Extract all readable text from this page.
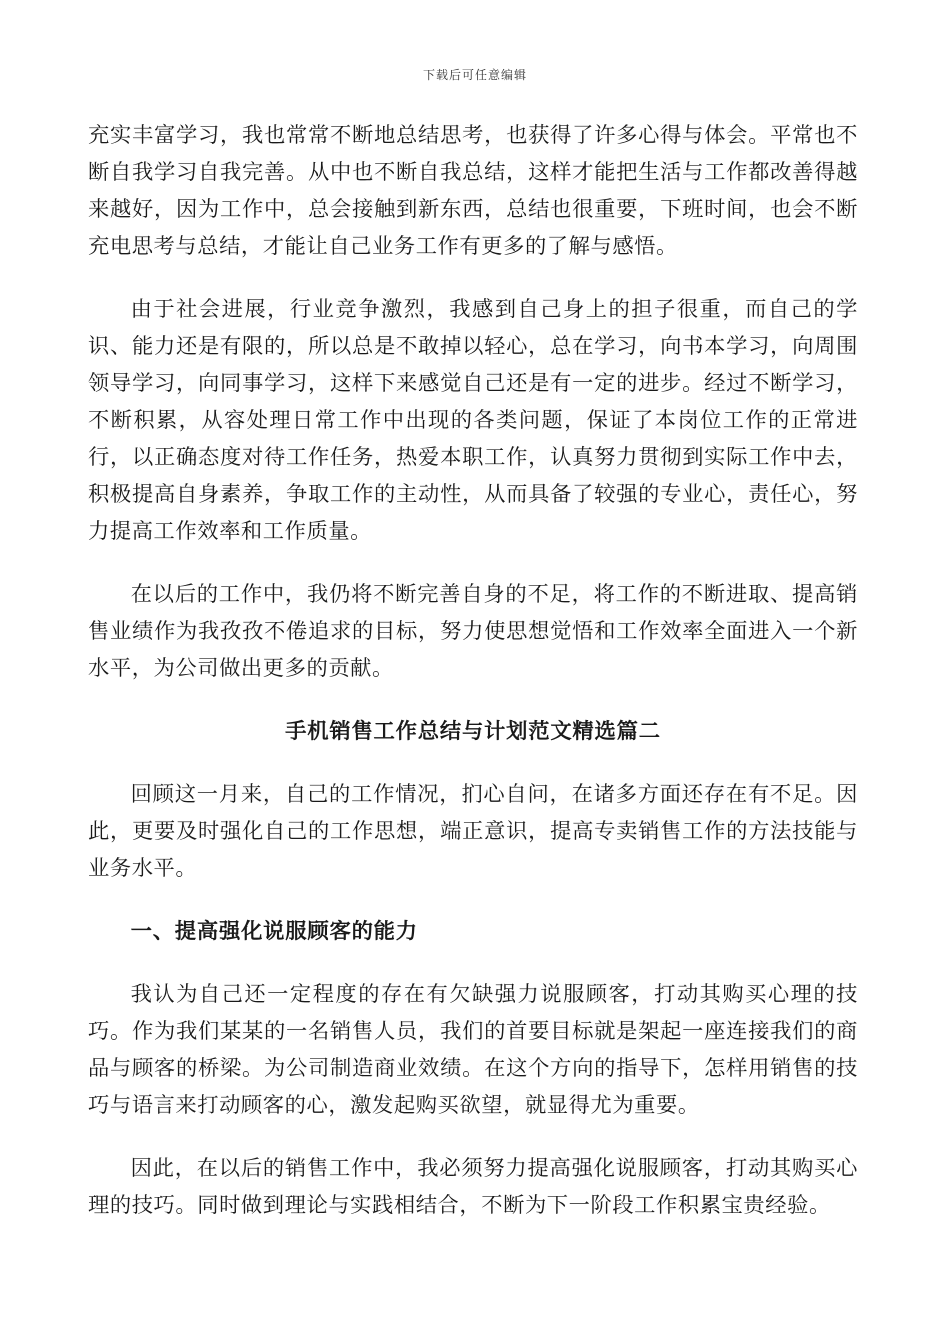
下载后可任意编辑

充实丰富学习，我也常常不断地总结思考，也获得了许多心得与体会。平常也不断自我学习自我完善。从中也不断自我总结，这样才能把生活与工作都改善得越来越好，因为工作中，总会接触到新东西，总结也很重要，下班时间，也会不断充电思考与总结，才能让自己业务工作有更多的了解与感悟。

由于社会进展，行业竞争激烈，我感到自己身上的担子很重，而自己的学识、能力还是有限的，所以总是不敢掉以轻心，总在学习，向书本学习，向周围领导学习，向同事学习，这样下来感觉自己还是有一定的进步。经过不断学习，不断积累，从容处理日常工作中出现的各类问题，保证了本岗位工作的正常进行，以正确态度对待工作任务，热爱本职工作，认真努力贯彻到实际工作中去，积极提高自身素养，争取工作的主动性，从而具备了较强的专业心，责任心，努力提高工作效率和工作质量。

在以后的工作中，我仍将不断完善自身的不足，将工作的不断进取、提高销售业绩作为我孜孜不倦追求的目标，努力使思想觉悟和工作效率全面进入一个新水平，为公司做出更多的贡献。

手机销售工作总结与计划范文精选篇二

回顾这一月来，自己的工作情况，扪心自问，在诸多方面还存在有不足。因此，更要及时强化自己的工作思想，端正意识，提高专卖销售工作的方法技能与业务水平。

一、提高强化说服顾客的能力

我认为自己还一定程度的存在有欠缺强力说服顾客，打动其购买心理的技巧。作为我们某某的一名销售人员，我们的首要目标就是架起一座连接我们的商品与顾客的桥梁。为公司制造商业效绩。在这个方向的指导下，怎样用销售的技巧与语言来打动顾客的心，激发起购买欲望，就显得尤为重要。

因此，在以后的销售工作中，我必须努力提高强化说服顾客，打动其购买心理的技巧。同时做到理论与实践相结合，不断为下一阶段工作积累宝贵经验。
